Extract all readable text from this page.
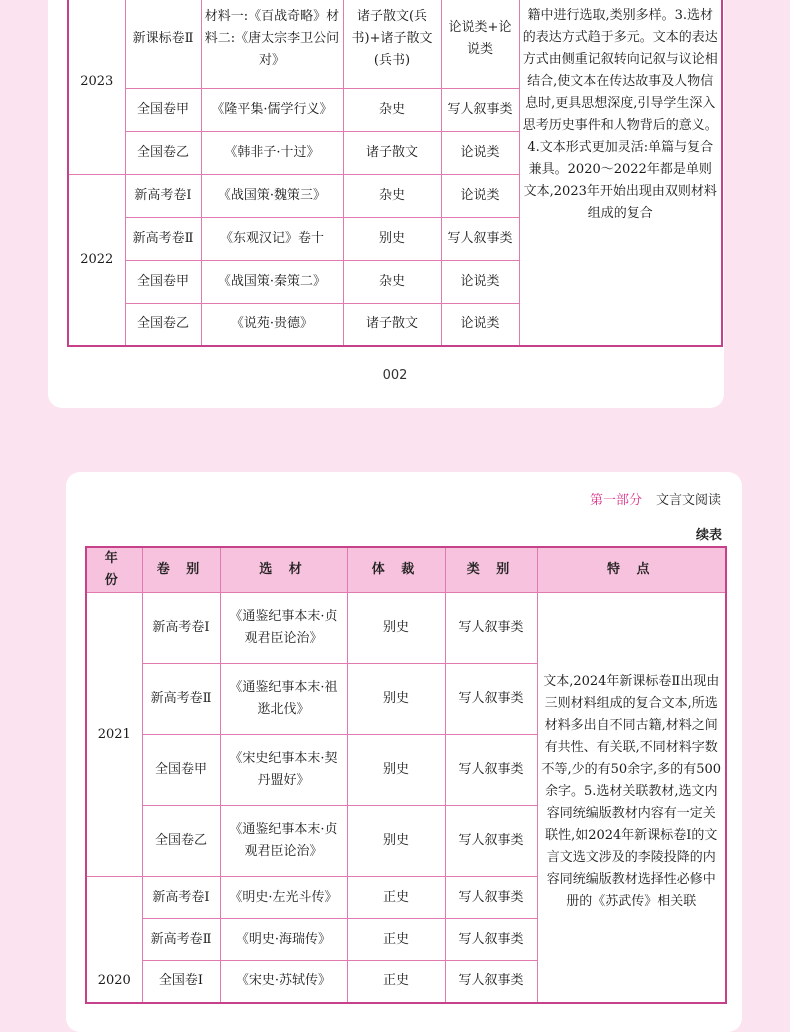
2023	新课标卷Ⅱ	材料一:《百战奇略》材料二:《唐太宗李卫公问对》	诸子散文(兵书)+诸子散文(兵书)	论说类+论说类	籍中进行选取,类别多样。3.选材的表达方式趋于多元。文本的表达方式由侧重记叙转向记叙与议论相结合,使文本在传达故事及人物信息时,更具思想深度,引导学生深入思考历史事件和人物背后的意义。4.文本形式更加灵活:单篇与复合兼具。2020～2022年都是单则文本,2023年开始出现由双则材料组成的复合
	全国卷甲	《隆平集·儒学行义》	杂史	写人叙事类	
	全国卷乙	《韩非子·十过》	诸子散文	论说类	
2022	新高考卷Ⅰ	《战国策·魏策三》	杂史	论说类	
	新高考卷Ⅱ	《东观汉记》卷十	别史	写人叙事类	
	全国卷甲	《战国策·秦策二》	杂史	论说类	
	全国卷乙	《说苑·贵德》	诸子散文	论说类	
002
第一部分 文言文阅读
续表
年 份	卷 别	选 材	体 裁	类 别	特 点
2021	新高考卷Ⅰ	《通鉴纪事本末·贞观君臣论治》	别史	写人叙事类	文本,2024年新课标卷Ⅱ出现由三则材料组成的复合文本,所选材料多出自不同古籍,材料之间有共性、有关联,不同材料字数不等,少的有50余字,多的有500余字。5.选材关联教材,选文内容同统编版教材内容有一定关联性,如2024年新课标卷Ⅰ的文言文选文涉及的李陵投降的内容同统编版教材选择性必修中册的《苏武传》相关联
	新高考卷Ⅱ	《通鉴纪事本末·祖逖北伐》	别史	写人叙事类	
	全国卷甲	《宋史纪事本末·契丹盟好》	别史	写人叙事类	
	全国卷乙	《通鉴纪事本末·贞观君臣论治》	别史	写人叙事类	
2020	新高考卷Ⅰ	《明史·左光斗传》	正史	写人叙事类	
	新高考卷Ⅱ	《明史·海瑞传》	正史	写人叙事类	
	全国卷Ⅰ	《宋史·苏轼传》	正史	写人叙事类	
